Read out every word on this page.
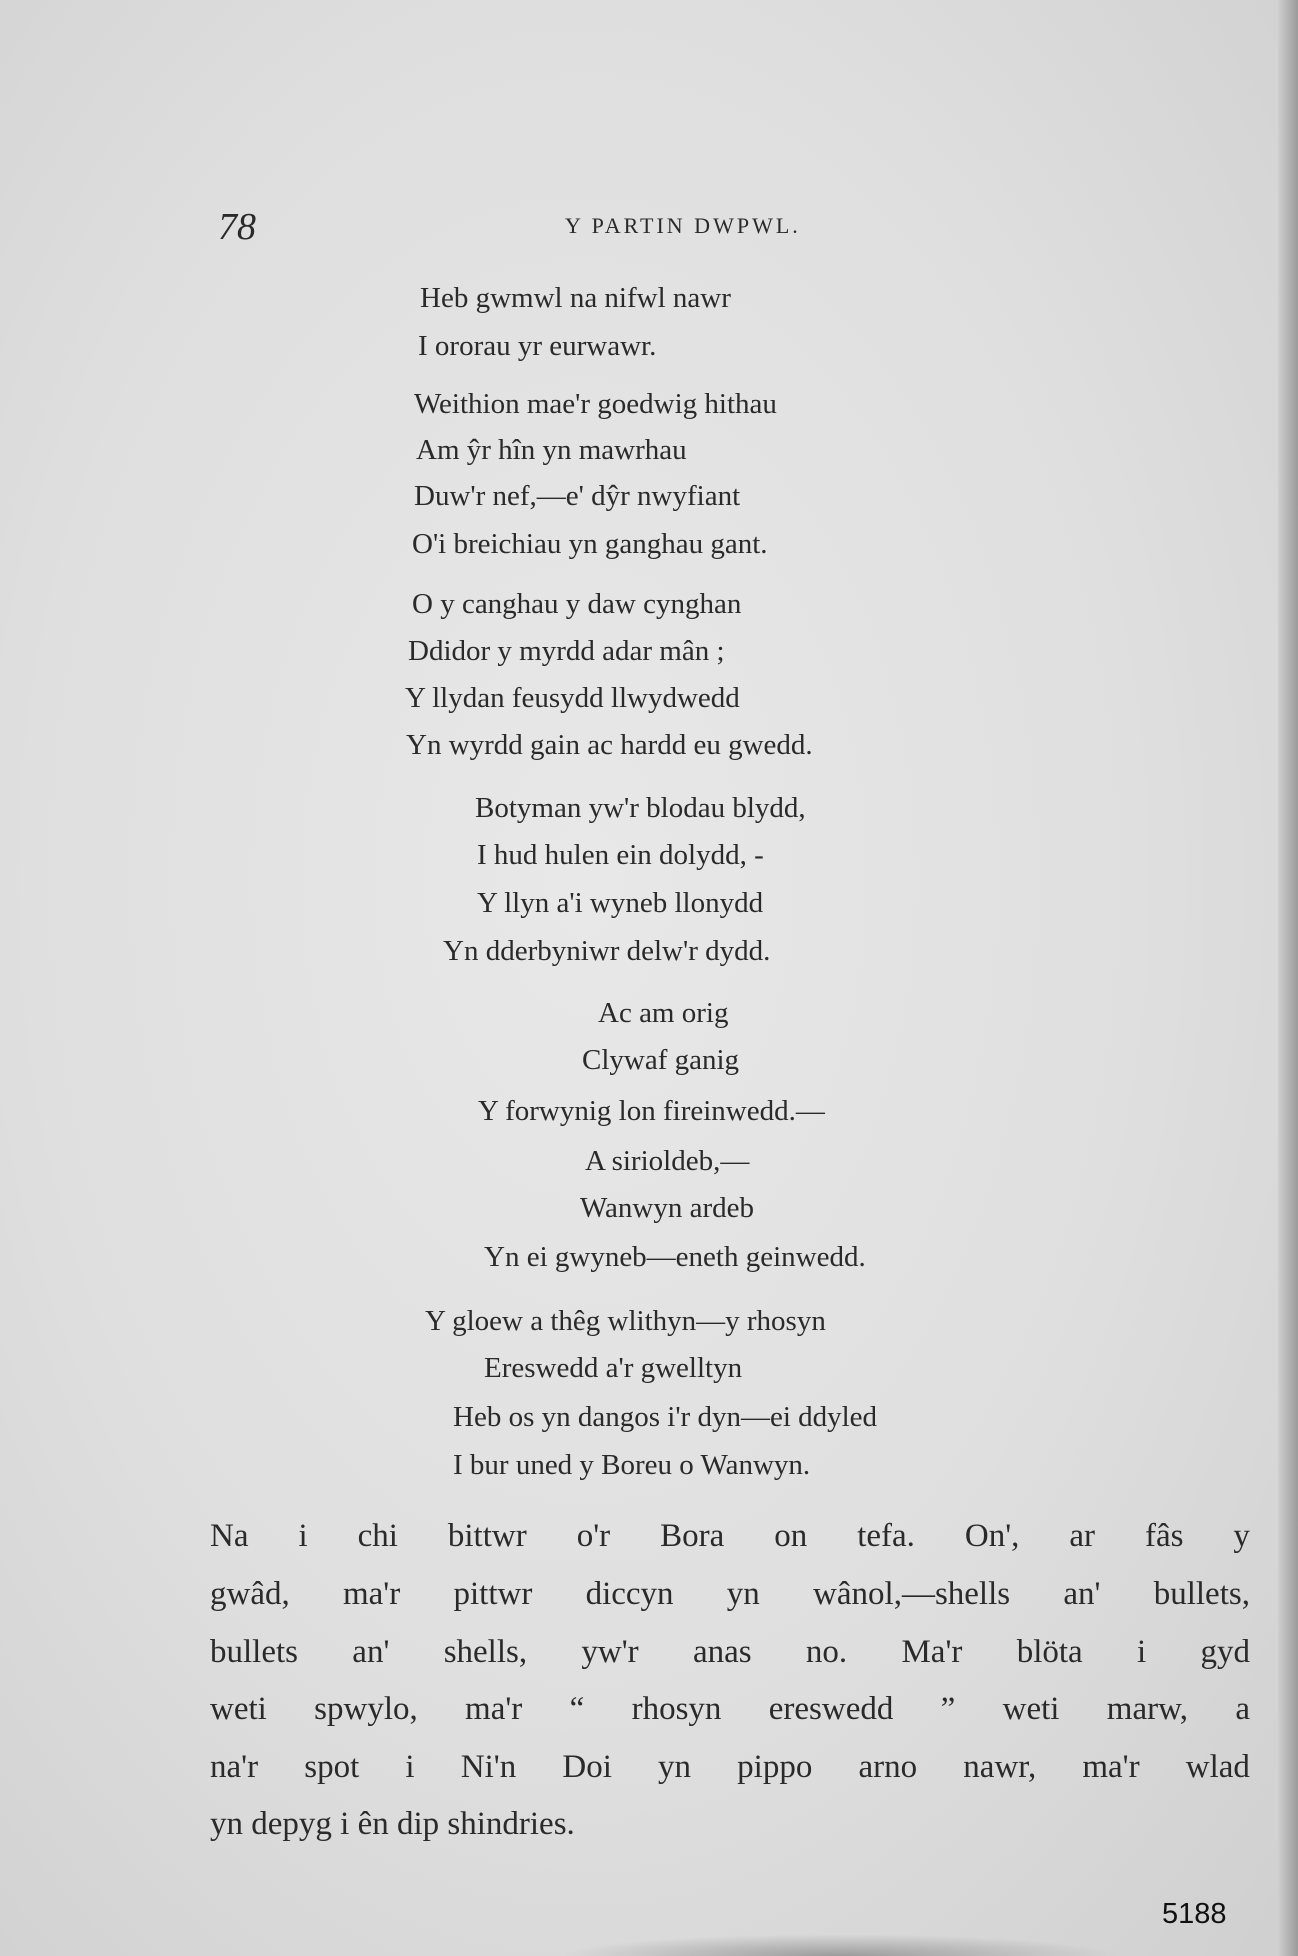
78	Y PARTIN DWPWL.
Heb gwmwl na nifwl nawr
I ororau yr eurwawr.
Weithion mae'r goedwig hithau
Am ŷr hîn yn mawrhau
Duw'r nef,—e' dŷr nwyfiant
O'i breichiau yn ganghau gant.
O y canghau y daw cynghan
Ddidor y myrdd adar mân ;
Y llydan feusydd llwydwedd
Yn wyrdd gain ac hardd eu gwedd.
Botyman yw'r blodau blydd,
I hud hulen ein dolydd, -
Y llyn a'i wyneb llonydd
Yn dderbyniwr delw'r dydd.
Ac am orig
Clywaf ganig
Y forwynig lon fireinwedd.—
A sirioldeb,—
Wanwyn ardeb
Yn ei gwyneb—eneth geinwedd.
Y gloew a thêg wlithyn—y rhosyn
Ereswedd a'r gwelltyn
Heb os yn dangos i'r dyn—ei ddyled
I bur uned y Boreu o Wanwyn.
Na i chi bittwr o'r Bora on tefa. On', ar fâs y
gwâd, ma'r pittwr diccyn yn wânol,—shells an' bullets,
bullets an' shells, yw'r anas no. Ma'r blöta i gyd
weti spwylo, ma'r “ rhosyn ereswedd ” weti marw, a
na'r spot i Ni'n Doi yn pippo arno nawr, ma'r wlad
yn depyg i ên dip shindries.
5188
